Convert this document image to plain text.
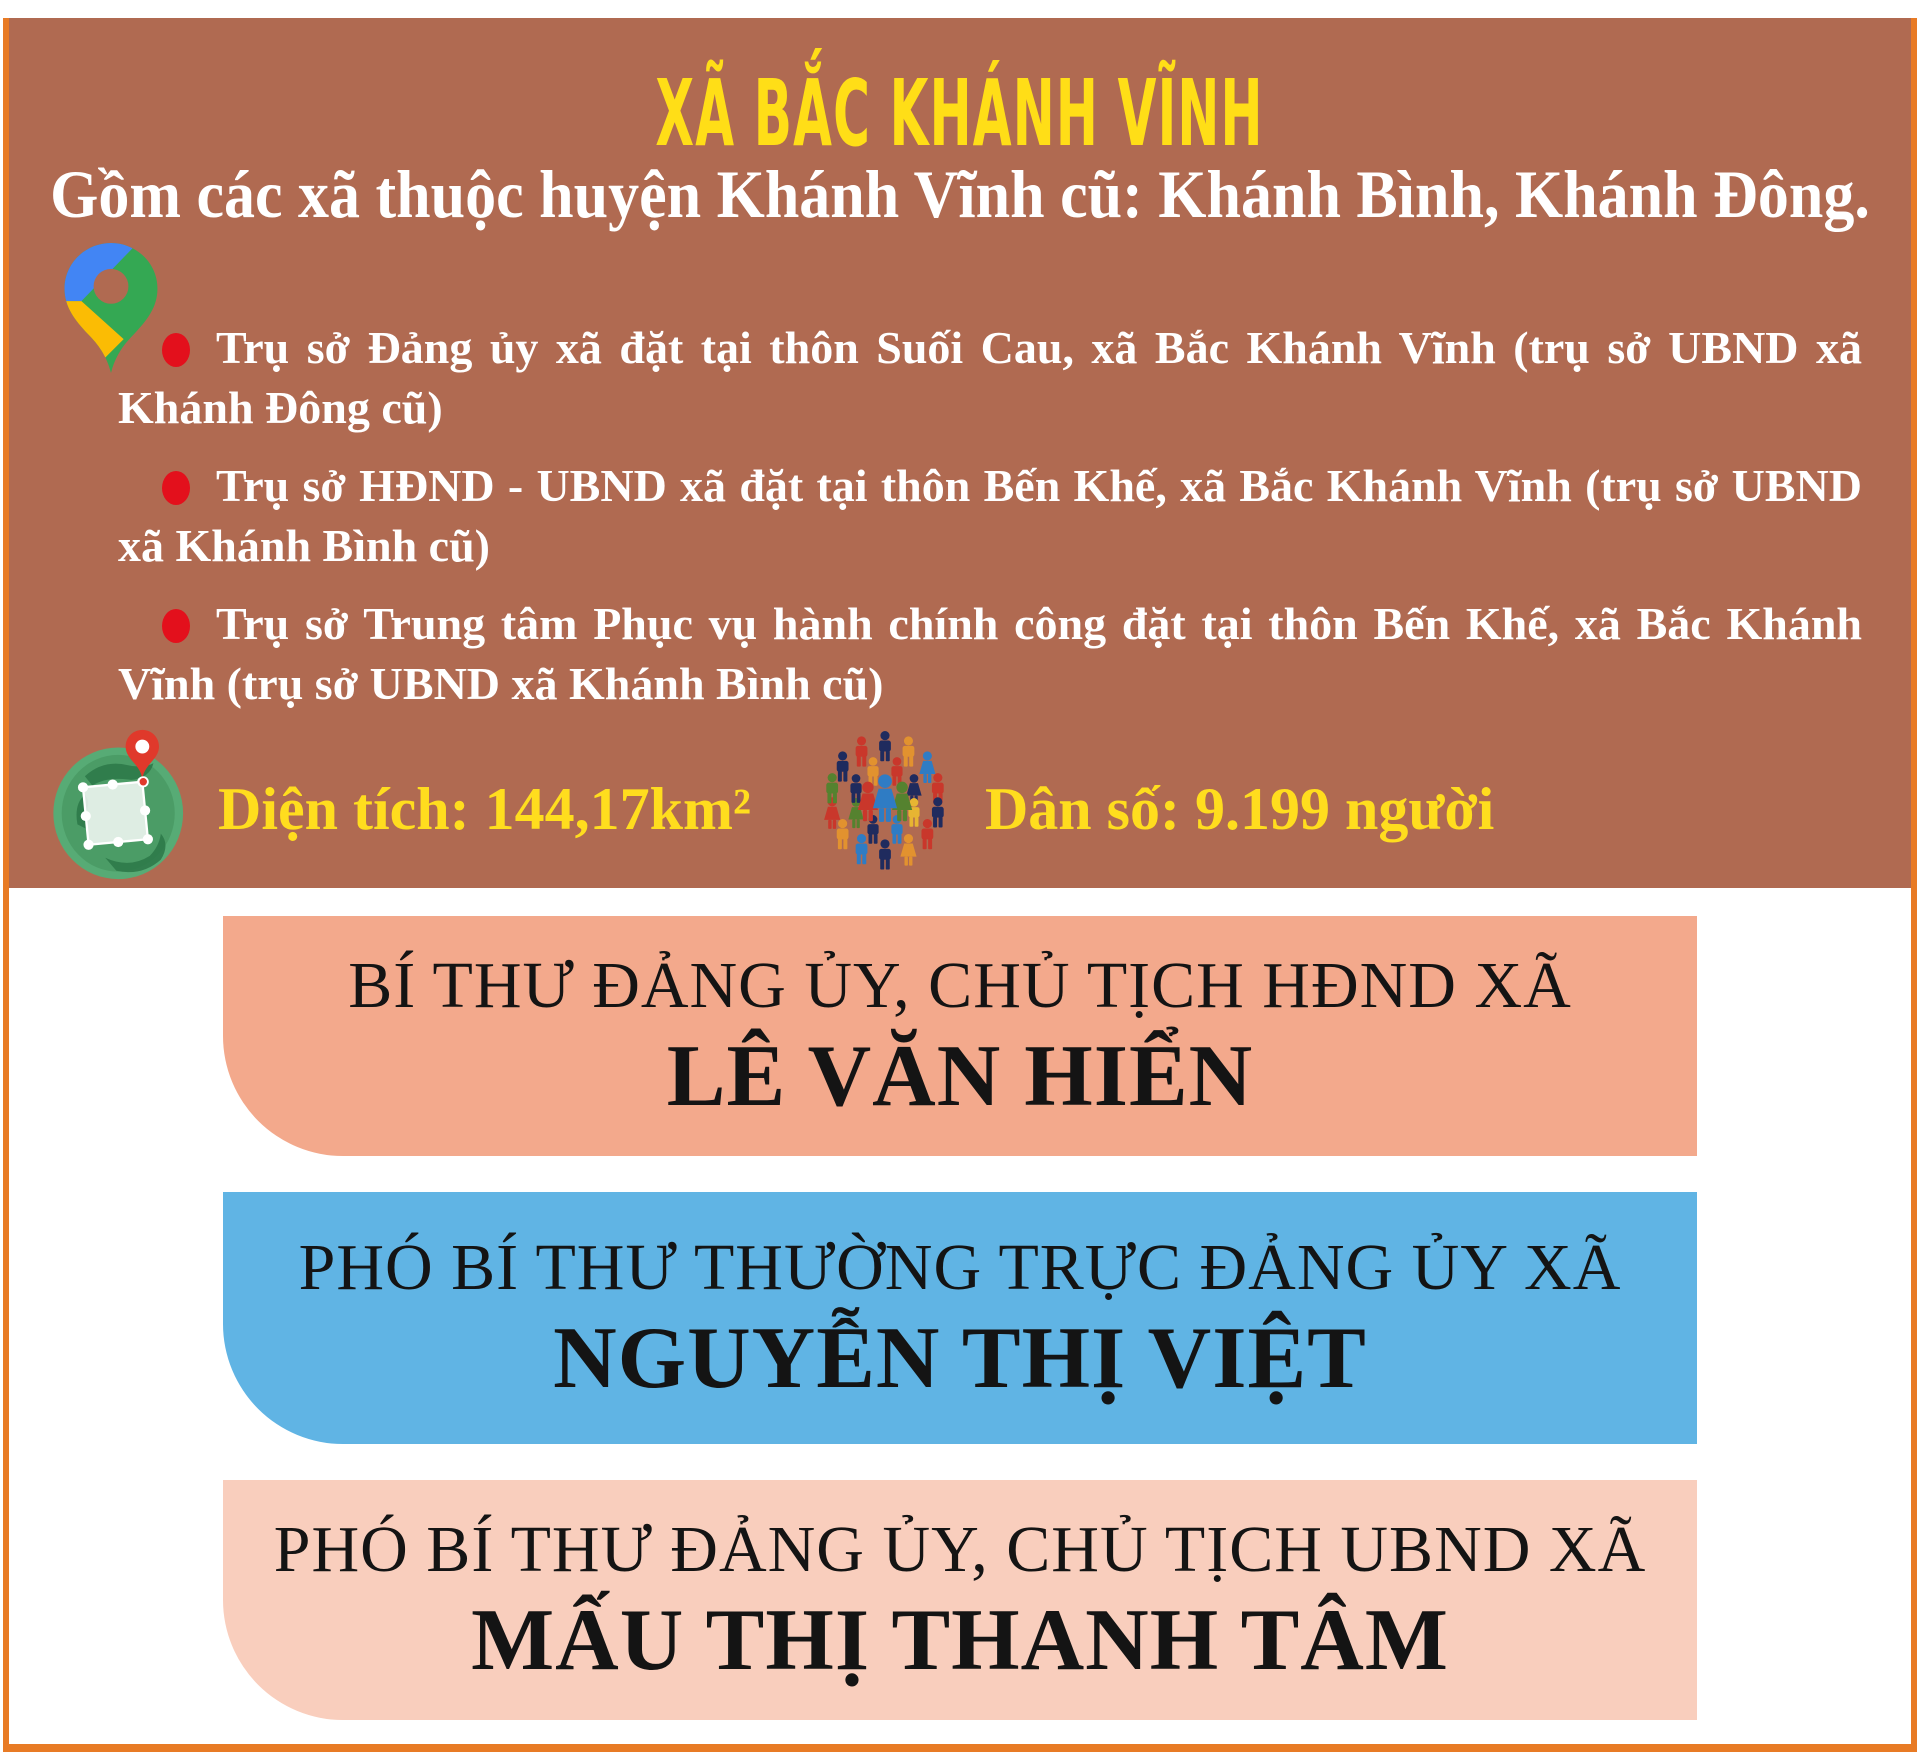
XÃ BẮC KHÁNH VĨNH
Gồm các xã thuộc huyện Khánh Vĩnh cũ: Khánh Bình, Khánh Đông.

Trụ sở Đảng ủy xã đặt tại thôn Suối Cau, xã Bắc Khánh Vĩnh (trụ sở UBND xã Khánh Đông cũ)

Trụ sở HĐND - UBND xã đặt tại thôn Bến Khế, xã Bắc Khánh Vĩnh (trụ sở UBND xã Khánh Bình cũ)

Trụ sở Trung tâm Phục vụ hành chính công đặt tại thôn Bến Khế, xã Bắc Khánh Vĩnh (trụ sở UBND xã Khánh Bình cũ)

Diện tích: 144,17km²	Dân số: 9.199 người
BÍ THƯ ĐẢNG ỦY, CHỦ TỊCH HĐND XÃ
LÊ VĂN HIỂN
PHÓ BÍ THƯ THƯỜNG TRỰC ĐẢNG ỦY XÃ
NGUYỄN THỊ VIỆT
PHÓ BÍ THƯ ĐẢNG ỦY, CHỦ TỊCH UBND XÃ
MẤU THỊ THANH TÂM
